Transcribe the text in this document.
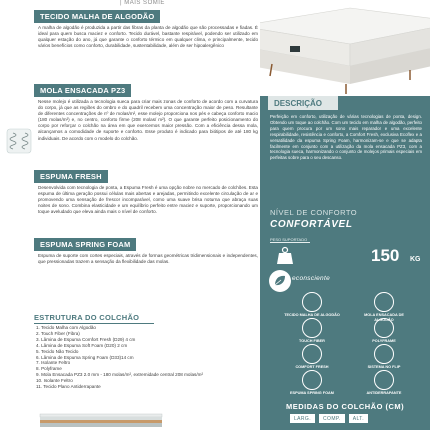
| MAIS SOMIE
TECIDO MALHA DE ALGODÃO
A malha de algodão é produzida a partir das fibras da planta de algodão que são processadas e fiadas. É ideal para quem busca maciez e conforto. Tecido durável, bastante respirável, podendo ser utilizado em qualquer estação do ano, já que garante o conforto térmico em qualquer clima, e principalmente, tecido vários benefícios como conforto, durabilidade, sustentabilidade, além de ser hipoalergênico
MOLA ENSACADA PZ3
Nesse molejo é utilizada a tecnologia sueca para criar mais zonas de conforto de acordo com a curvatura do corpo, já que as regiões do ombro e do quadril recebem uma concentração maior de peso. Resultante de diferentes concentrações de nº de molas/m², esse molejo proporciona nos pés e cabeça conforto macio (180 molas/m²) e, no centro, conforto firme (208 molas/ m²). O que garante perfeito posicionamento do corpo por reforçar o colchão na área em que exercemos maior pressão. Com a eficiência dessa mola, alcançamos a comodidade de suporte e conforto. Esse produto é indicado para biótipos de até 180 kg individuais. De acordo com o modelo do colchão.
ESPUMA FRESH
Desenvolvida com tecnologia de ponta, a Espuma Fresh é uma opção nobre no mercado de colchões. Esta espuma de última geração possui células mais abertas e arejadas, permitindo excelente circulação de ar e promovendo uma sensação de frescor incomparável, como uma suave brisa noturna que abraça suas noites de sono. Combina elasticidade e um equilíbrio perfeito entre maciez e suporte, proporcionando um toque aveludado que eleva ainda mais o nível de conforto.
ESPUMA SPRING FOAM
Espuma de suporte com cortes especiais, através de formas geométricas tridimensionais e independentes, que pressionadas trazem a sensação da flexibilidade das molas.
ESTRUTURA DO COLCHÃO
1. Tecido Malha com Algodão
2. Touch Fiber (Fibra)
3. Lâmina de Espuma Comfort Fresh (D29) 4 cm
4. Lâmina de Espuma Soft Foam (D20) 2 cm
5. Tecido Não Tecido
6. Lâmina de Espuma Spring Foam (D33)14 cm
7. Isolante Feltro
8. Polyframe
9. Mola Ensacada PZ3 2.0 mm - 180 molas/m², extremidade central 208 molas/m²
10. Isolante Feltro
11. Tecido Plano Antiderrapante
DESCRIÇÃO
Perfeição em conforto, utilização de várias tecnologias de ponta, design. Obtendo um toque ao colchão. Com um tecido em malha de algodão, perfeito para quem procura por um sono mais reparador e uma excelente respirabilidade, resistência e conforto, a Comfort Fresh, exclusiva Ecoflex e a versatilidade da espuma Spring Foam, harmonizam-se e que se adapta facilmente em conjunto com a utilização da mola ensacada PZ3, com a tecnologia sueca, harmonizando o conjunto de molejos primais especiais em perfeitas sobre para o seu descanso.
NÍVEL DE CONFORTO
CONFORTÁVEL
PESO SUPORTADO
150 KG
econsciente
TECIDO MALHA DE ALGODÃO	MOLA ENSACADA DE ALGODÃO
TOUCH FIBER	POLYFRAME
COMFORT FRESH	SISTEMA NO FLIP
ESPUMA SPRING FOAM	ANTIDERRAPANTE
MEDIDAS DO COLCHÃO (CM)
LARG.	COMP.	ALT.
